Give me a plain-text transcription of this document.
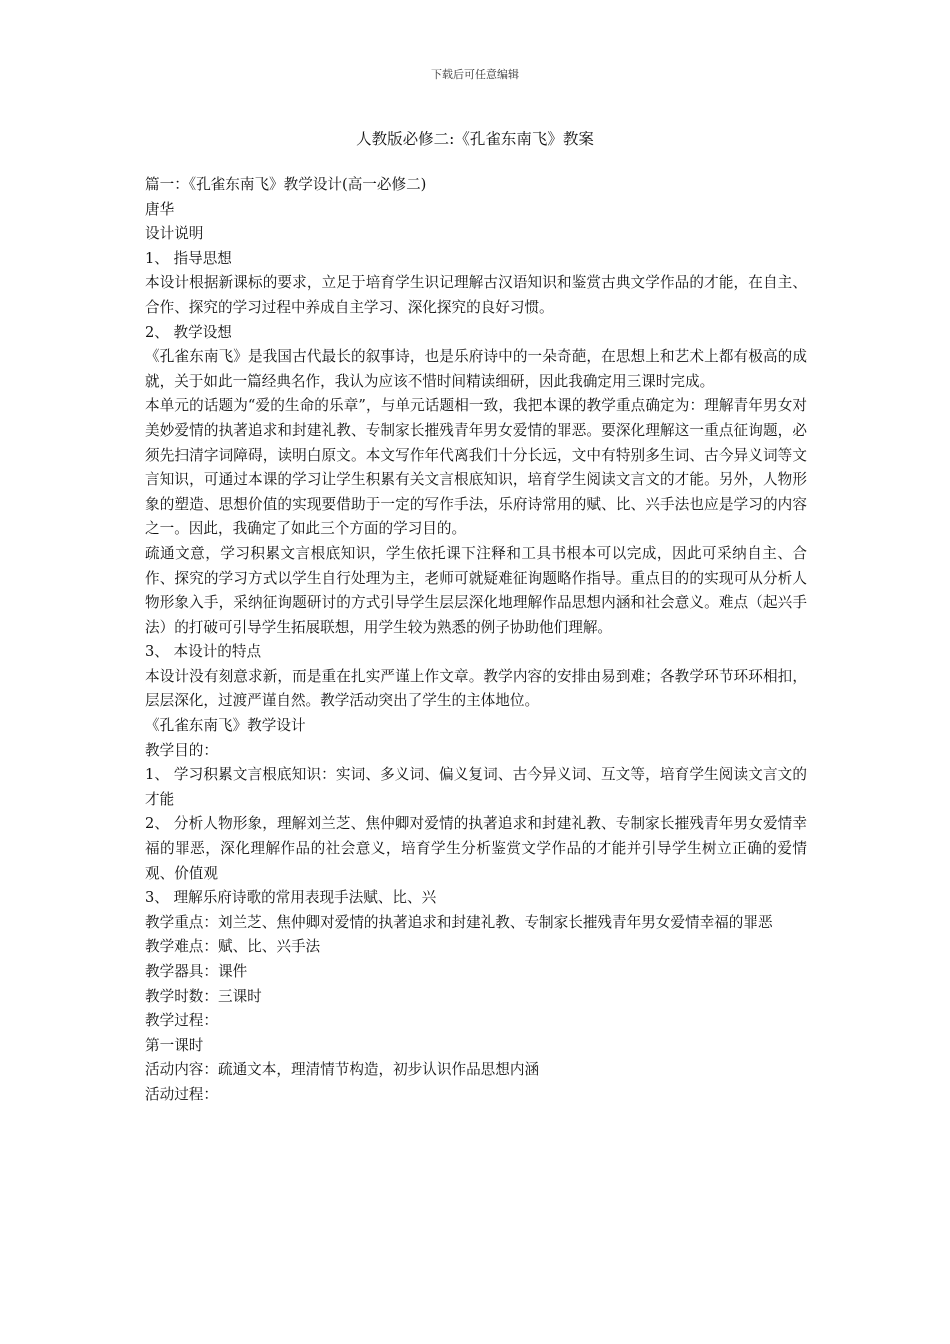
下载后可任意编辑
人教版必修二:《孔雀东南飞》教案

篇一：《孔雀东南飞》教学设计(高一必修二)

唐华

设计说明

1、 指导思想

本设计根据新课标的要求，立足于培育学生识记理解古汉语知识和鉴赏古典文学作品的才能，在自主、合作、探究的学习过程中养成自主学习、深化探究的良好习惯。

2、 教学设想

《孔雀东南飞》是我国古代最长的叙事诗，也是乐府诗中的一朵奇葩，在思想上和艺术上都有极高的成就，关于如此一篇经典名作，我认为应该不惜时间精读细研，因此我确定用三课时完成。

本单元的话题为“爱的生命的乐章”，与单元话题相一致，我把本课的教学重点确定为：理解青年男女对美妙爱情的执著追求和封建礼教、专制家长摧残青年男女爱情的罪恶。要深化理解这一重点征询题，必须先扫清字词障碍，读明白原文。本文写作年代离我们十分长远，文中有特别多生词、古今异义词等文言知识，可通过本课的学习让学生积累有关文言根底知识，培育学生阅读文言文的才能。另外，人物形象的塑造、思想价值的实现要借助于一定的写作手法，乐府诗常用的赋、比、兴手法也应是学习的内容之一。因此，我确定了如此三个方面的学习目的。

疏通文意，学习积累文言根底知识，学生依托课下注释和工具书根本可以完成，因此可采纳自主、合作、探究的学习方式以学生自行处理为主，老师可就疑难征询题略作指导。重点目的的实现可从分析人物形象入手，采纳征询题研讨的方式引导学生层层深化地理解作品思想内涵和社会意义。难点（起兴手法）的打破可引导学生拓展联想，用学生较为熟悉的例子协助他们理解。

3、 本设计的特点

本设计没有刻意求新，而是重在扎实严谨上作文章。教学内容的安排由易到难；各教学环节环环相扣，层层深化，过渡严谨自然。教学活动突出了学生的主体地位。

《孔雀东南飞》教学设计

教学目的：

1、 学习积累文言根底知识：实词、多义词、偏义复词、古今异义词、互文等，培育学生阅读文言文的才能

2、 分析人物形象，理解刘兰芝、焦仲卿对爱情的执著追求和封建礼教、专制家长摧残青年男女爱情幸福的罪恶，深化理解作品的社会意义，培育学生分析鉴赏文学作品的才能并引导学生树立正确的爱情观、价值观

3、 理解乐府诗歌的常用表现手法赋、比、兴

教学重点：刘兰芝、焦仲卿对爱情的执著追求和封建礼教、专制家长摧残青年男女爱情幸福的罪恶

教学难点：赋、比、兴手法

教学器具：课件

教学时数：三课时

教学过程：

第一课时

活动内容：疏通文本，理清情节构造，初步认识作品思想内涵

活动过程：
